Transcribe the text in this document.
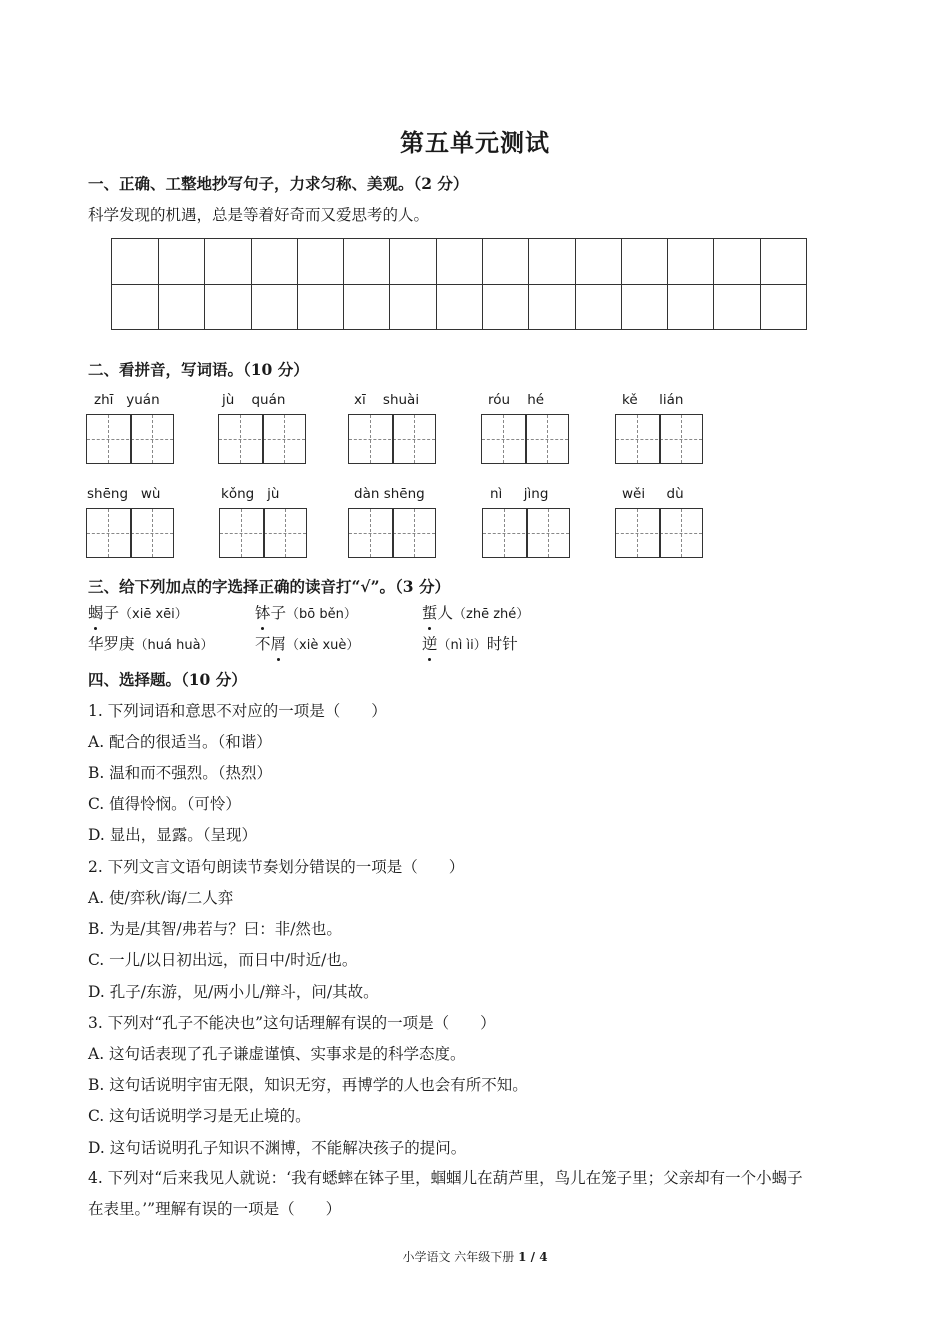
第五单元测试
一、正确、工整地抄写句子，力求匀称、美观。（2 分）
科学发现的机遇，总是等着好奇而又爱思考的人。
二、看拼音，写词语。（10 分）
zhī   yuán	jù    quán	xī    shuài	róu    hé	kě     lián
shēng   wù	kǒng   jù	dàn shēng	nì     jìng	wěi     dù
三、给下列加点的字选择正确的读音打“√”。（3 分）
蝎子（xiē xēi）	钵子（bō běn）	蜇人（zhē zhé）
华罗庚（huá huà）	不屑（xiè xuè）	逆（nì ìi）时针
四、选择题。（10 分）
1. 下列词语和意思不对应的一项是（　　）
A. 配合的很适当。（和谐）
B. 温和而不强烈。（热烈）
C. 值得怜悯。（可怜）
D. 显出，显露。（呈现）
2. 下列文言文语句朗读节奏划分错误的一项是（　　）
A. 使/弈秋/诲/二人弈
B. 为是/其智/弗若与？曰：非/然也。
C. 一儿/以日初出远，而日中/时近/也。
D. 孔子/东游，见/两小儿/辩斗，问/其故。
3. 下列对“孔子不能决也”这句话理解有误的一项是（　　）
A. 这句话表现了孔子谦虚谨慎、实事求是的科学态度。
B. 这句话说明宇宙无限，知识无穷，再博学的人也会有所不知。
C. 这句话说明学习是无止境的。
D. 这句话说明孔子知识不渊博，不能解决孩子的提问。
4. 下列对“后来我见人就说：‘我有蟋蟀在钵子里，蝈蝈儿在葫芦里，鸟儿在笼子里；父亲却有一个小蝎子
在表里。’”理解有误的一项是（　　）
小学语文 六年级下册 1 / 4
